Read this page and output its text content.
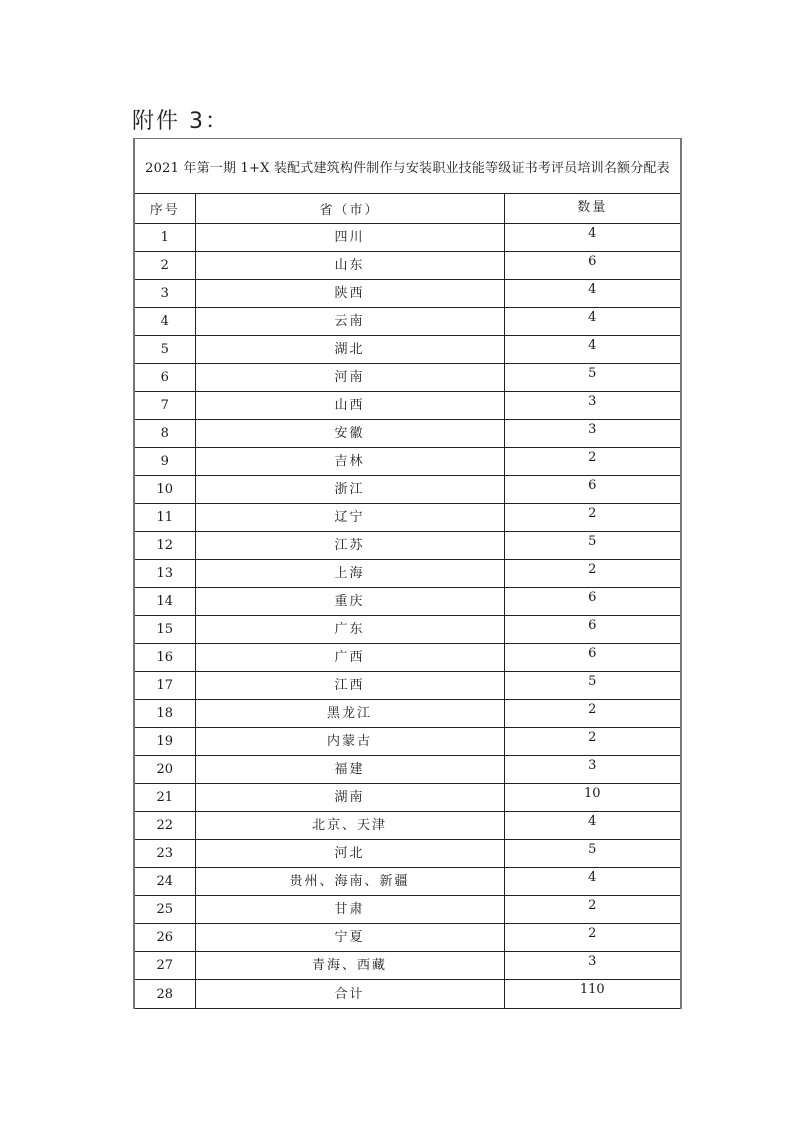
附件 3：
2021 年第一期 1+X 装配式建筑构件制作与安装职业技能等级证书考评员培训名额分配表		
序号	省（市）	数量
1	四川	4
2	山东	6
3	陕西	4
4	云南	4
5	湖北	4
6	河南	5
7	山西	3
8	安徽	3
9	吉林	2
10	浙江	6
11	辽宁	2
12	江苏	5
13	上海	2
14	重庆	6
15	广东	6
16	广西	6
17	江西	5
18	黑龙江	2
19	内蒙古	2
20	福建	3
21	湖南	10
22	北京、天津	4
23	河北	5
24	贵州、海南、新疆	4
25	甘肃	2
26	宁夏	2
27	青海、西藏	3
28	合计	110
